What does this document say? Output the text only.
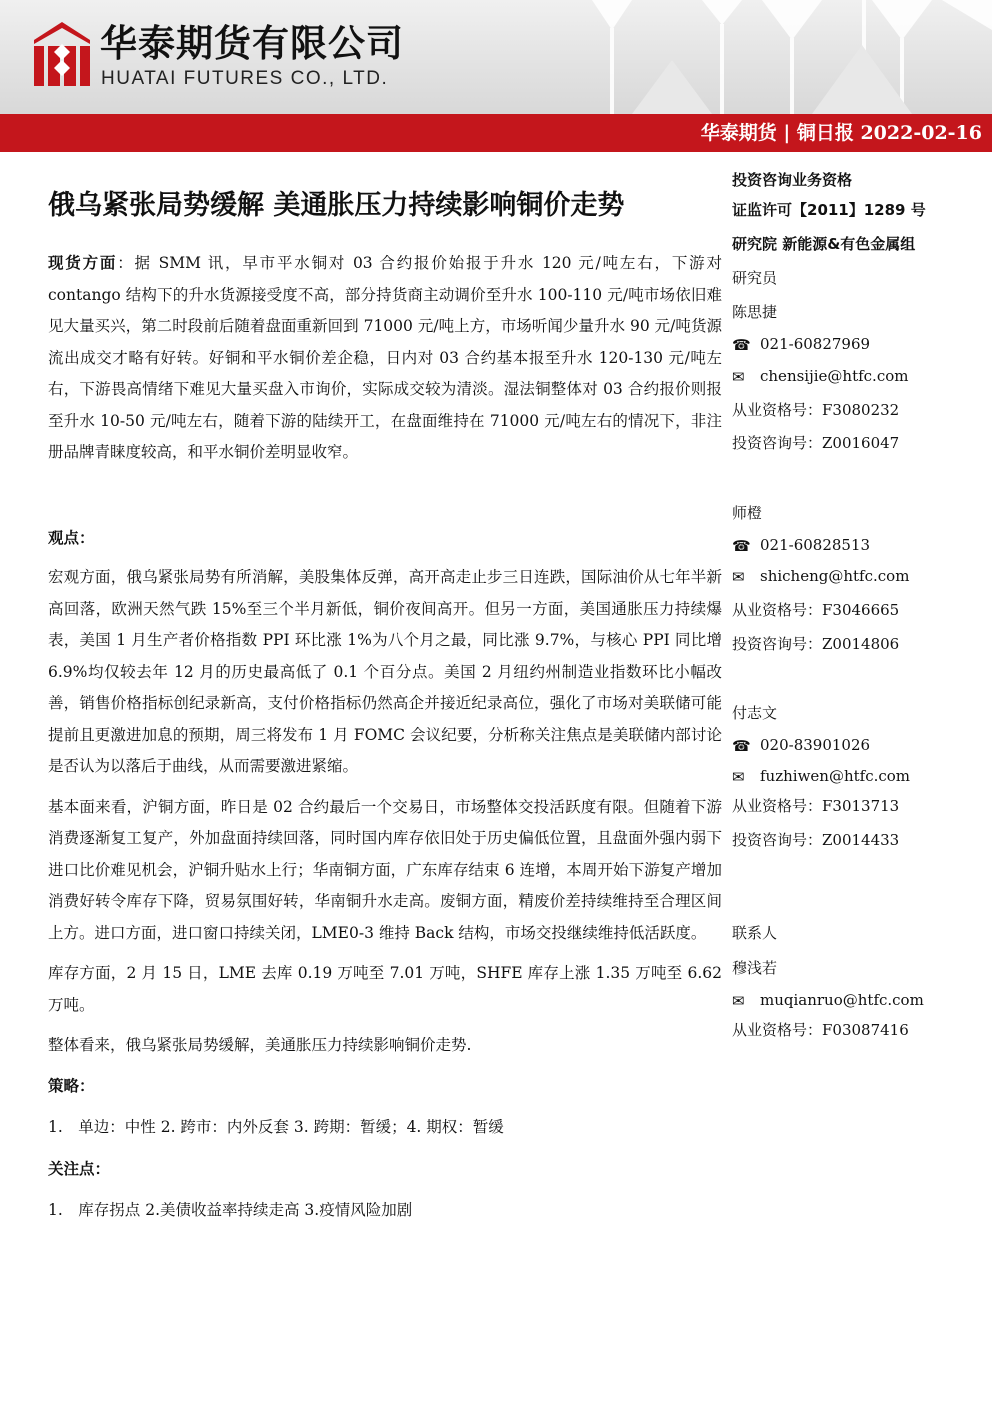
华泰期货有限公司
HUATAI FUTURES CO., LTD.
华泰期货 | 铜日报 2022-02-16
俄乌紧张局势缓解 美通胀压力持续影响铜价走势

现货方面：据 SMM 讯，早市平水铜对 03 合约报价始报于升水 120 元/吨左右，下游对 contango 结构下的升水货源接受度不高，部分持货商主动调价至升水 100-110 元/吨市场依旧难见大量买兴，第二时段前后随着盘面重新回到 71000 元/吨上方，市场听闻少量升水 90 元/吨货源流出成交才略有好转。好铜和平水铜价差企稳，日内对 03 合约基本报至升水 120-130 元/吨左右，下游畏高情绪下难见大量买盘入市询价，实际成交较为清淡。湿法铜整体对 03 合约报价则报至升水 10-50 元/吨左右，随着下游的陆续开工，在盘面维持在 71000 元/吨左右的情况下，非注册品牌青睐度较高，和平水铜价差明显收窄。

观点：

宏观方面，俄乌紧张局势有所消解，美股集体反弹，高开高走止步三日连跌，国际油价从七年半新高回落，欧洲天然气跌 15%至三个半月新低，铜价夜间高开。但另一方面，美国通胀压力持续爆表，美国 1 月生产者价格指数 PPI 环比涨 1%为八个月之最，同比涨 9.7%，与核心 PPI 同比增 6.9%均仅较去年 12 月的历史最高低了 0.1 个百分点。美国 2 月纽约州制造业指数环比小幅改善，销售价格指标创纪录新高，支付价格指标仍然高企并接近纪录高位，强化了市场对美联储可能提前且更激进加息的预期，周三将发布 1 月 FOMC 会议纪要，分析称关注焦点是美联储内部讨论是否认为以落后于曲线，从而需要激进紧缩。

基本面来看，沪铜方面，昨日是 02 合约最后一个交易日，市场整体交投活跃度有限。但随着下游消费逐渐复工复产，外加盘面持续回落，同时国内库存依旧处于历史偏低位置，且盘面外强内弱下进口比价难见机会，沪铜升贴水上行；华南铜方面，广东库存结束 6 连增，本周开始下游复产增加消费好转令库存下降，贸易氛围好转，华南铜升水走高。废铜方面，精废价差持续维持至合理区间上方。进口方面，进口窗口持续关闭，LME0-3 维持 Back 结构，市场交投继续维持低活跃度。

库存方面，2 月 15 日，LME 去库 0.19 万吨至 7.01 万吨，SHFE 库存上涨 1.35 万吨至 6.62 万吨。

整体看来，俄乌紧张局势缓解，美通胀压力持续影响铜价走势.

策略：

1.　单边：中性 2. 跨市：内外反套 3. 跨期：暂缓；4. 期权：暂缓

关注点：

1.　库存拐点 2.美债收益率持续走高 3.疫情风险加剧

投资咨询业务资格
证监许可【2011】1289 号
研究院 新能源&有色金属组
研究员
陈思捷
☎ 021-60827969
✉ chensijie@htfc.com
从业资格号：F3080232
投资咨询号：Z0016047
师橙
☎ 021-60828513
✉ shicheng@htfc.com
从业资格号：F3046665
投资咨询号：Z0014806
付志文
☎ 020-83901026
✉ fuzhiwen@htfc.com
从业资格号：F3013713
投资咨询号：Z0014433
联系人
穆浅若
✉ muqianruo@htfc.com
从业资格号：F03087416
